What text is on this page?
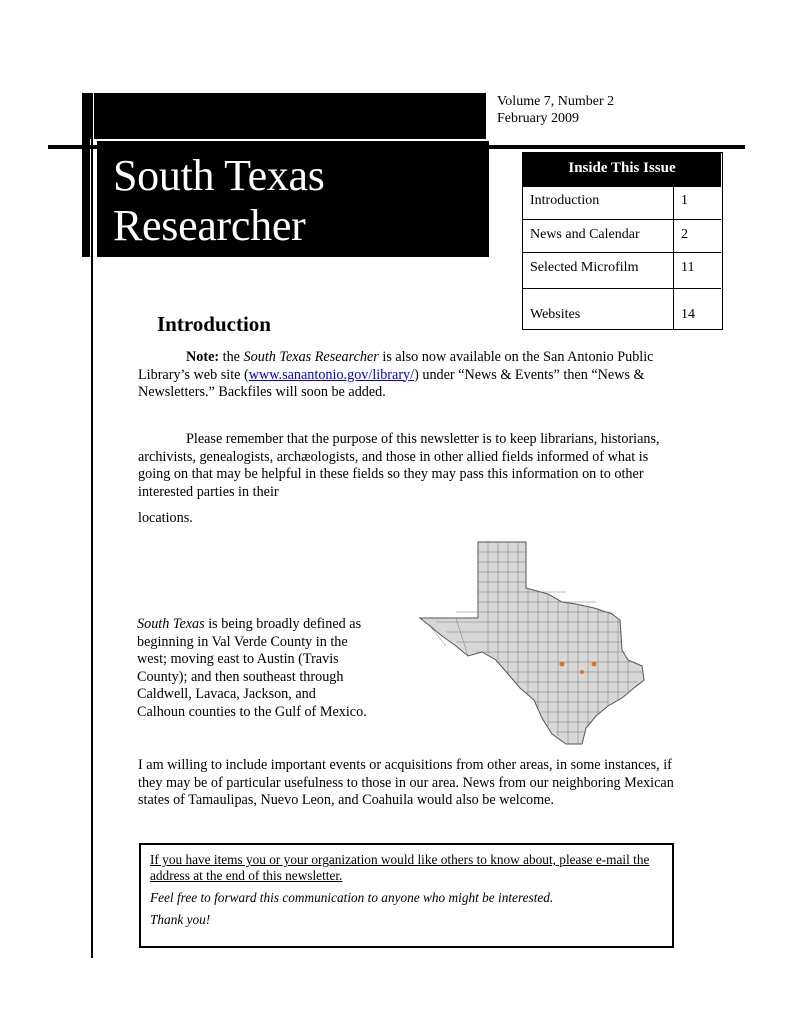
South Texas
Researcher
Volume 7, Number 2
February 2009
Inside This Issue
Introduction	1
News and Calendar	2
Selected Microfilm	11
Websites	14
Introduction
Note: the South Texas Researcher is also now available on the San Antonio Public Library’s web site (www.sanantonio.gov/library/) under “News & Events” then “News & Newsletters.” Backfiles will soon be added.
Please remember that the purpose of this newsletter is to keep librarians, historians, archivists, genealogists, archæologists, and those in other allied fields informed of what is going on that may be helpful in these fields so they may pass this information on to other interested parties in their
locations.
South Texas is being broadly defined as beginning in Val Verde County in the west; moving east to Austin (Travis County); and then southeast through Caldwell, Lavaca, Jackson, and Calhoun counties to the Gulf of Mexico.
I am willing to include important events or acquisitions from other areas, in some instances, if they may be of particular usefulness to those in our area. News from our neighboring Mexican states of Tamaulipas, Nuevo Leon, and Coahuila would also be welcome.
If you have items you or your organization would like others to know about, please e-mail the address at the end of this newsletter.
Feel free to forward this communication to anyone who might be interested.
Thank you!
